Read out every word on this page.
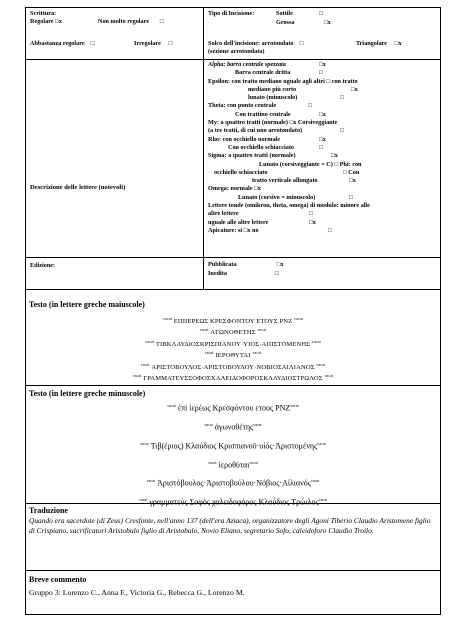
Scrittura:
Regolare □x	Non molto regolare □
Abbastanza regolare □	Irregolare □
Tipo di Incisione:	Sottile	□
Grossa	□x
Solco dell'incisione: arrotondato □	Triangolare □x
(sezione arrotondata)
Descrizione delle lettere (notevoli)
Alpha: barra centrale spezzata	□x
Barra centrale dritta	□
Epsilon: con tratto mediano uguale agli altri □ con tratto
mediano più corto	□x
lunato (minuscolo)	□
Theta: con punto centrale	□
Con trattino centrale	□x
My: a quattro tratti (normale) □x Corsiveggiante
(a tre tratti, di cui uno arrotondato)	□
Rho: con occhiello normale	□x
Con occhiello schiacciato	□
Sigma: a quattro tratti (normale)	□x
Lunato (corsiveggiante = C) □ Phi: con
occhiello schiacciato	□ Con
tratto verticale allungato	□x
Omega: normale □x
Lunato (corsivo = minuscolo)	□
Lettere tonde (omikron, theta, omega) di modulo: minore alle
altre lettere	□
uguale alle altre lettere	□x
Apicature: si □x no	□
Edizione:	Pubblicata	□x
Inedita	□
Testo (in lettere greche maiuscole)
$^{vacat}$ ΕΠΙΙΕΡΕΩΣ ΚΡΕΣΦΟΝΤΟΥ ΕΤΟΥΣ ΡΝΖ $^{vacat}$
$^{vacat}$ ΑΓΩΝΟΘΕΤΗΣ $^{vacat}$
$^{vacat}$ ΤΙΒΚΛΑΥΔΙΟΣΚΡΙΣΠΙΑΝΟΥ·ΥΙΟΣ·ΑΠΙΣΤΟΜΕΝΗΣ $^{vacat}$
$^{vacat}$ ΙΕΡΟΘΥΤΑΙ $^{vacat}$
$^{vacat}$ ΑΡΙΣΤΟΒΟΥΛΟΣ·ΑΡΙΣΤΟΒΟΥΛΟΥ·ΝΟΒΙΟΣΑΙΛΙΑΝΟΣ $^{vacat}$
$^{vacat}$ ΓΡΑΜΜΑΤΕΥΣΣΟΦΟΣΧΑΛΕΙΔΟΦΟΡΟΣΚΛΑΥΔΙΟΣΤΡΩΛΟΣ $^{vacat}$
Testo (in lettere greche minuscole)
$^{vacat}$ ἐπὶ ἱερέως Κρεσφόντου ετους $PNZ^{vacat}$
$^{vacat}$ ἀγωνοθέτης$^{vacat}$
$^{vacat}$ Τιβ(έριος) Κλαύδιος Κρισπιανοῦ·υἱὸς·Ἀριστομένης$^{vacat}$
$^{vacat}$ ἱεροθύται$^{vacat}$
$^{vacat}$ Ἀριστόβουλος·Ἀριστοβούλου·Νόβιος·Αἰλιανός$^{vacat}$
$^{vacat}$ γραμματεὺς Σοφὸς χαλειδοφόρος Κλαύδιος Τρώιλος$^{vacat}$
Traduzione
Quando era sacerdote (di Zeus) Cresfonte, nell'anno 137 (dell'era Aziaca), organizzatore degli Agoni Tiberio Claudio Aristomene figlio di Crispiano, sacrificatori Aristobulo figlio di Aristobulo, Novio Eliano, segretario Sofo, caleidoforo Claudio Troilo.
Breve commento
Gruppo 3: Lorenzo C., Anna F., Victoria G., Rebecca G., Lorenzo M.
